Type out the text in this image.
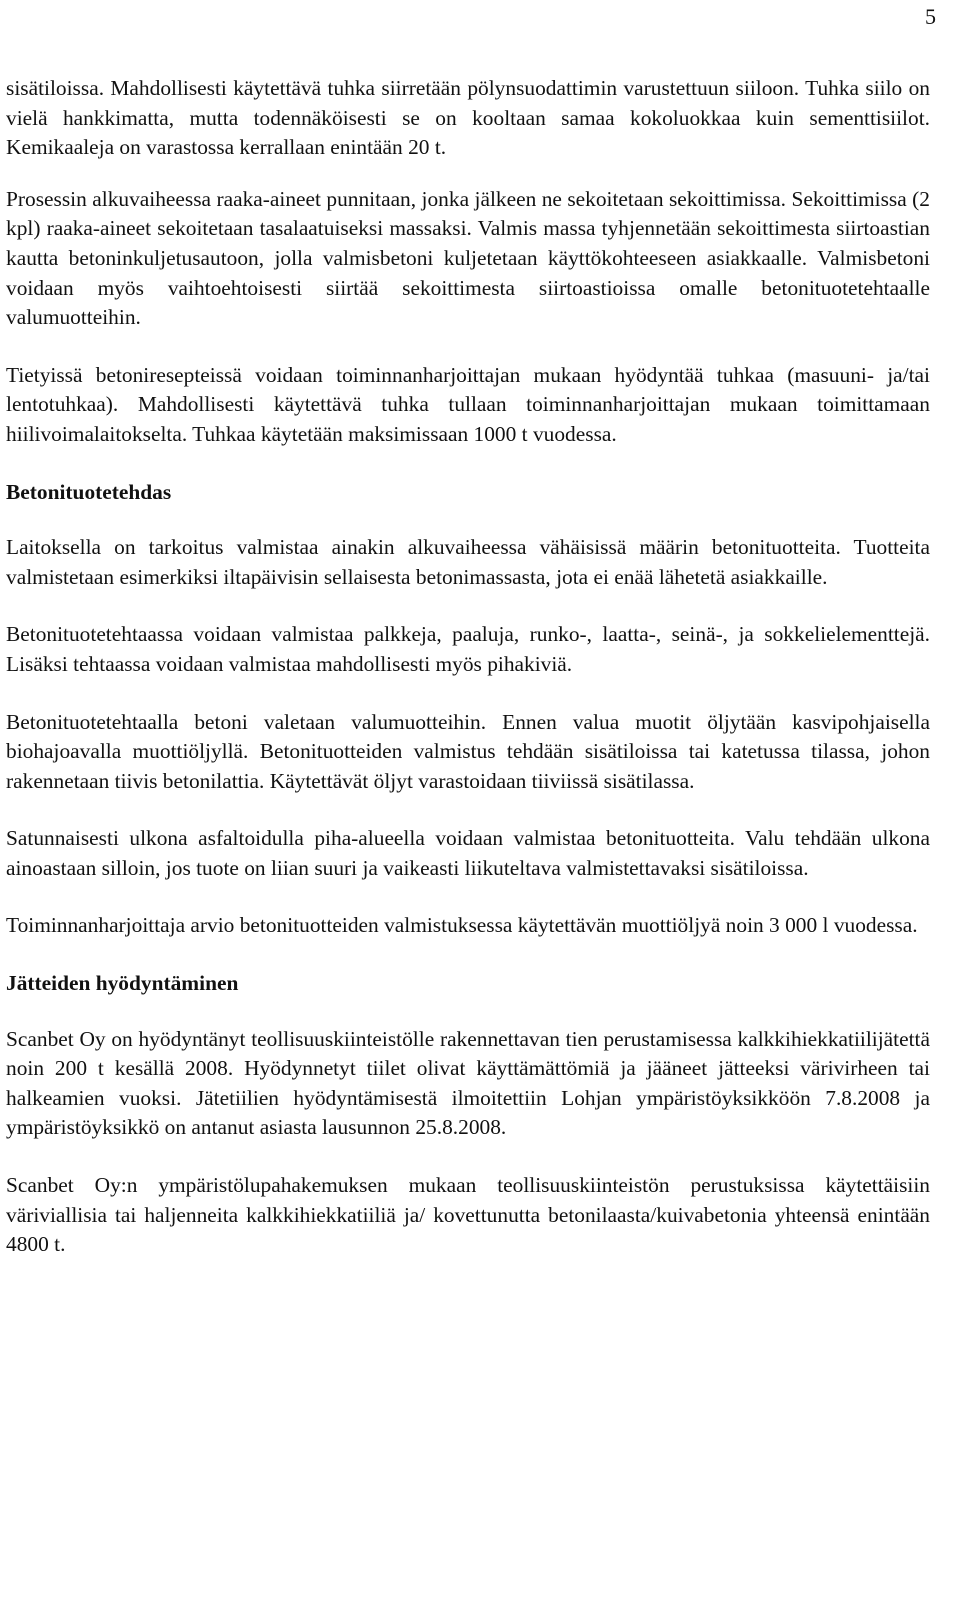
5

sisätiloissa. Mahdollisesti käytettävä tuhka siirretään pölynsuodattimin varustettuun siiloon. Tuhka siilo on vielä hankkimatta, mutta todennäköisesti se on kooltaan samaa kokoluokkaa kuin sementtisiilot. Kemikaaleja on varastossa kerrallaan enintään 20 t.

Prosessin alkuvaiheessa raaka-aineet punnitaan, jonka jälkeen ne sekoitetaan sekoittimissa. Sekoittimissa (2 kpl) raaka-aineet sekoitetaan tasalaatuiseksi massaksi. Valmis massa tyhjennetään sekoittimesta siirtoastian kautta betoninkuljetusautoon, jolla valmisbetoni kuljetetaan käyttökohteeseen asiakkaalle. Valmisbetoni voidaan myös vaihtoehtoisesti siirtää sekoittimesta siirtoastioissa omalle betonituotetehtaalle valumuotteihin.

Tietyissä betoniresepteissä voidaan toiminnanharjoittajan mukaan hyödyntää tuhkaa (masuuni- ja/tai lentotuhkaa). Mahdollisesti käytettävä tuhka tullaan toiminnanharjoittajan mukaan toimittamaan hiilivoimalaitokselta. Tuhkaa käytetään maksimissaan 1000 t vuodessa.

Betonituotetehdas

Laitoksella on tarkoitus valmistaa ainakin alkuvaiheessa vähäisissä määrin betonituotteita. Tuotteita valmistetaan esimerkiksi iltapäivisin sellaisesta betonimassasta, jota ei enää lähetetä asiakkaille.

Betonituotetehtaassa voidaan valmistaa palkkeja, paaluja, runko-, laatta-, seinä-, ja sokkelielementtejä. Lisäksi tehtaassa voidaan valmistaa mahdollisesti myös pihakiviä.

Betonituotetehtaalla betoni valetaan valumuotteihin. Ennen valua muotit öljytään kasvipohjaisella biohajoavalla muottiöljyllä. Betonituotteiden valmistus tehdään sisätiloissa tai katetussa tilassa, johon rakennetaan tiivis betonilattia. Käytettävät öljyt varastoidaan tiiviissä sisätilassa.

Satunnaisesti ulkona asfaltoidulla piha-alueella voidaan valmistaa betonituotteita. Valu tehdään ulkona ainoastaan silloin, jos tuote on liian suuri ja vaikeasti liikuteltava valmistettavaksi sisätiloissa.

Toiminnanharjoittaja arvio betonituotteiden valmistuksessa käytettävän muottiöljyä noin 3 000 l vuodessa.

Jätteiden hyödyntäminen

Scanbet Oy on hyödyntänyt teollisuuskiinteistölle rakennettavan tien perustamisessa kalkkihiekkatiilijätettä noin 200 t kesällä 2008. Hyödynnetyt tiilet olivat käyttämättömiä ja jääneet jätteeksi värivirheen tai halkeamien vuoksi. Jätetiilien hyödyntämisestä ilmoitettiin Lohjan ympäristöyksikköön 7.8.2008 ja ympäristöyksikkö on antanut asiasta lausunnon 25.8.2008.

Scanbet Oy:n ympäristölupahakemuksen mukaan teollisuuskiinteistön perustuksissa käytettäisiin väriviallisia tai haljenneita kalkkihiekkatiiliä ja/ kovettunutta betonilaasta/kuivabetonia yhteensä enintään 4800 t.
